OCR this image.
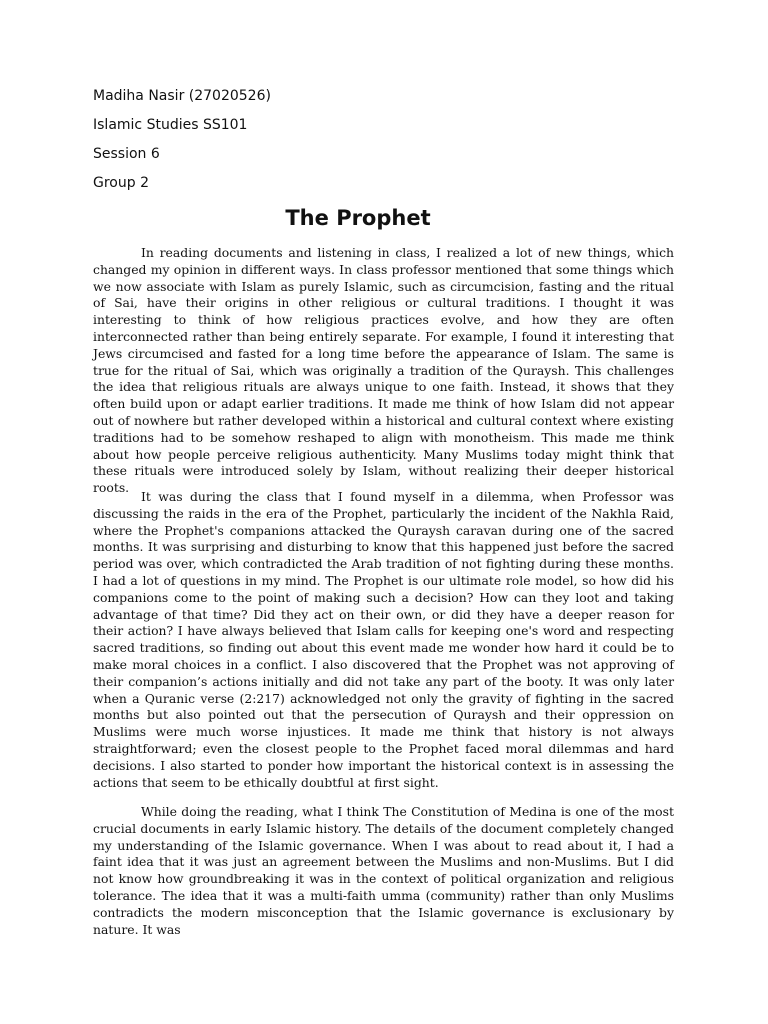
Madiha Nasir (27020526)
Islamic Studies SS101
Session 6
Group 2
The Prophet

In reading documents and listening in class, I realized a lot of new things, which changed my opinion in different ways. In class professor mentioned that some things which we now associate with Islam as purely Islamic, such as circumcision, fasting and the ritual of Sai, have their origins in other religious or cultural traditions. I thought it was interesting to think of how religious practices evolve, and how they are often interconnected rather than being entirely separate. For example, I found it interesting that Jews circumcised and fasted for a long time before the appearance of Islam. The same is true for the ritual of Sai, which was originally a tradition of the Quraysh. This challenges the idea that religious rituals are always unique to one faith. Instead, it shows that they often build upon or adapt earlier traditions. It made me think of how Islam did not appear out of nowhere but rather developed within a historical and cultural context where existing traditions had to be somehow reshaped to align with monotheism. This made me think about how people perceive religious authenticity. Many Muslims today might think that these rituals were introduced solely by Islam, without realizing their deeper historical roots.

It was during the class that I found myself in a dilemma, when Professor was discussing the raids in the era of the Prophet, particularly the incident of the Nakhla Raid, where the Prophet's companions attacked the Quraysh caravan during one of the sacred months. It was surprising and disturbing to know that this happened just before the sacred period was over, which contradicted the Arab tradition of not fighting during these months. I had a lot of questions in my mind. The Prophet is our ultimate role model, so how did his companions come to the point of making such a decision? How can they loot and taking advantage of that time? Did they act on their own, or did they have a deeper reason for their action? I have always believed that Islam calls for keeping one's word and respecting sacred traditions, so finding out about this event made me wonder how hard it could be to make moral choices in a conflict. I also discovered that the Prophet was not approving of their companion’s actions initially and did not take any part of the booty. It was only later when a Quranic verse (2:217) acknowledged not only the gravity of fighting in the sacred months but also pointed out that the persecution of Quraysh and their oppression on Muslims were much worse injustices. It made me think that history is not always straightforward; even the closest people to the Prophet faced moral dilemmas and hard decisions. I also started to ponder how important the historical context is in assessing the actions that seem to be ethically doubtful at first sight.

While doing the reading, what I think The Constitution of Medina is one of the most crucial documents in early Islamic history. The details of the document completely changed my understanding of the Islamic governance. When I was about to read about it, I had a faint idea that it was just an agreement between the Muslims and non-Muslims. But I did not know how groundbreaking it was in the context of political organization and religious tolerance. The idea that it was a multi-faith umma (community) rather than only Muslims contradicts the modern misconception that the Islamic governance is exclusionary by nature. It was
